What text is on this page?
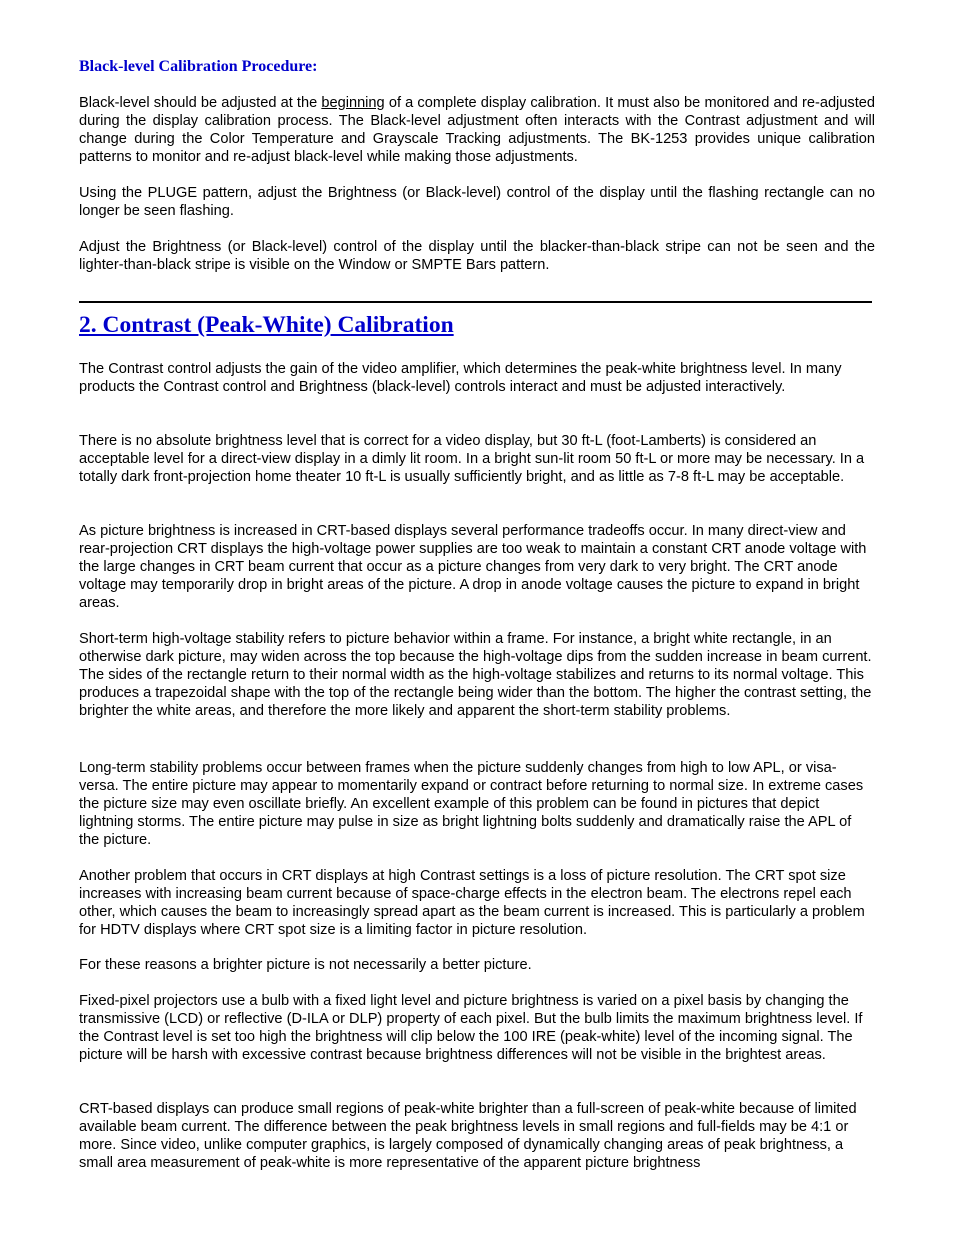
Black-level Calibration Procedure:

Black-level should be adjusted at the beginning of a complete display calibration. It must also be monitored and re-adjusted during the display calibration process. The Black-level adjustment often interacts with the Contrast adjustment and will change during the Color Temperature and Grayscale Tracking adjustments. The BK-1253 provides unique calibration patterns to monitor and re-adjust black-level while making those adjustments.

Using the PLUGE pattern, adjust the Brightness (or Black-level) control of the display until the flashing rectangle can no longer be seen flashing.

Adjust the Brightness (or Black-level) control of the display until the blacker-than-black stripe can not be seen and the lighter-than-black stripe is visible on the Window or SMPTE Bars pattern.

2. Contrast (Peak-White) Calibration

The Contrast control adjusts the gain of the video amplifier, which determines the peak-white brightness level. In many products the Contrast control and Brightness (black-level) controls interact and must be adjusted interactively.

There is no absolute brightness level that is correct for a video display, but 30 ft-L (foot-Lamberts) is considered an acceptable level for a direct-view display in a dimly lit room. In a bright sun-lit room 50 ft-L or more may be necessary. In a totally dark front-projection home theater 10 ft-L is usually sufficiently bright, and as little as 7-8 ft-L may be acceptable.

As picture brightness is increased in CRT-based displays several performance tradeoffs occur. In many direct-view and rear-projection CRT displays the high-voltage power supplies are too weak to maintain a constant CRT anode voltage with the large changes in CRT beam current that occur as a picture changes from very dark to very bright. The CRT anode voltage may temporarily drop in bright areas of the picture. A drop in anode voltage causes the picture to expand in bright areas.

Short-term high-voltage stability refers to picture behavior within a frame. For instance, a bright white rectangle, in an otherwise dark picture, may widen across the top because the high-voltage dips from the sudden increase in beam current. The sides of the rectangle return to their normal width as the high-voltage stabilizes and returns to its normal voltage. This produces a trapezoidal shape with the top of the rectangle being wider than the bottom. The higher the contrast setting, the brighter the white areas, and therefore the more likely and apparent the short-term stability problems.

Long-term stability problems occur between frames when the picture suddenly changes from high to low APL, or visa-versa. The entire picture may appear to momentarily expand or contract before returning to normal size. In extreme cases the picture size may even oscillate briefly. An excellent example of this problem can be found in pictures that depict lightning storms. The entire picture may pulse in size as bright lightning bolts suddenly and dramatically raise the APL of the picture.

Another problem that occurs in CRT displays at high Contrast settings is a loss of picture resolution. The CRT spot size increases with increasing beam current because of space-charge effects in the electron beam. The electrons repel each other, which causes the beam to increasingly spread apart as the beam current is increased. This is particularly a problem for HDTV displays where CRT spot size is a limiting factor in picture resolution.

For these reasons a brighter picture is not necessarily a better picture.

Fixed-pixel projectors use a bulb with a fixed light level and picture brightness is varied on a pixel basis by changing the transmissive (LCD) or reflective (D-ILA or DLP) property of each pixel. But the bulb limits the maximum brightness level. If the Contrast level is set too high the brightness will clip below the 100 IRE (peak-white) level of the incoming signal. The picture will be harsh with excessive contrast because brightness differences will not be visible in the brightest areas.

CRT-based displays can produce small regions of peak-white brighter than a full-screen of peak-white because of limited available beam current. The difference between the peak brightness levels in small regions and full-fields may be 4:1 or more. Since video, unlike computer graphics, is largely composed of dynamically changing areas of peak brightness, a small area measurement of peak-white is more representative of the apparent picture brightness
